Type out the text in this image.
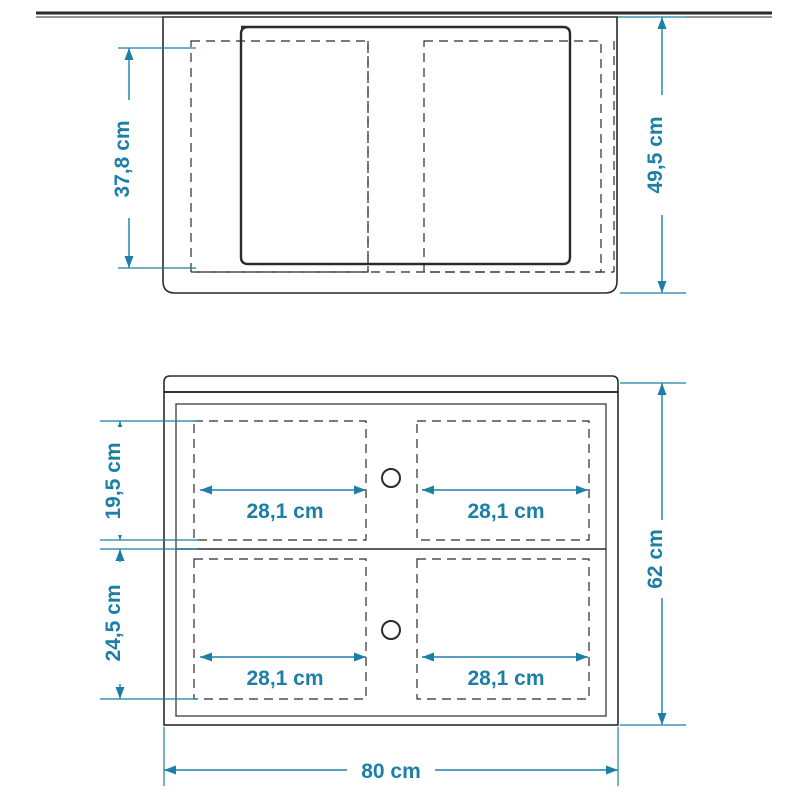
37,8 cm	49,5 cm
19,5 cm
24,5 cm
62 cm
28,1 cm	28,1 cm
28,1 cm	28,1 cm
80 cm
